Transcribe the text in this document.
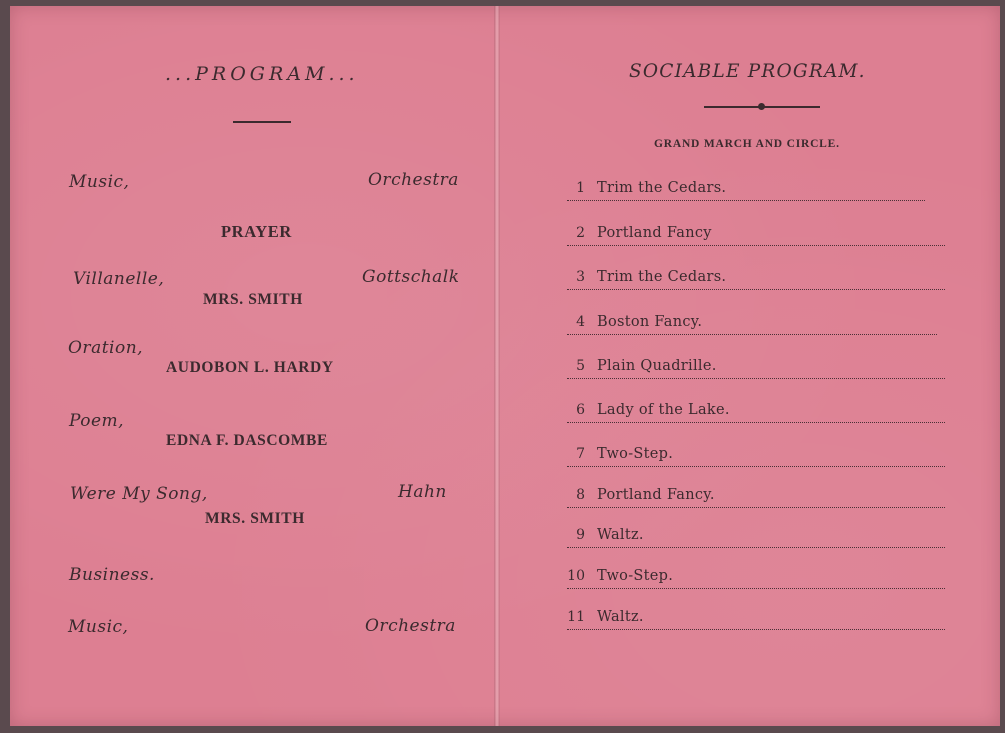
...PROGRAM...
Music,	Orchestra
PRAYER
Villanelle,	Gottschalk
MRS. SMITH
Oration,
AUDOBON L. HARDY
Poem,
EDNA F. DASCOMBE
Were My Song,	Hahn
MRS. SMITH
Business.
Music,	Orchestra
SOCIABLE PROGRAM.
GRAND MARCH AND CIRCLE.
1 Trim the Cedars.
2 Portland Fancy
3 Trim the Cedars.
4 Boston Fancy.
5 Plain Quadrille.
6 Lady of the Lake.
7 Two-Step.
8 Portland Fancy.
9 Waltz.
10 Two-Step.
11 Waltz.
